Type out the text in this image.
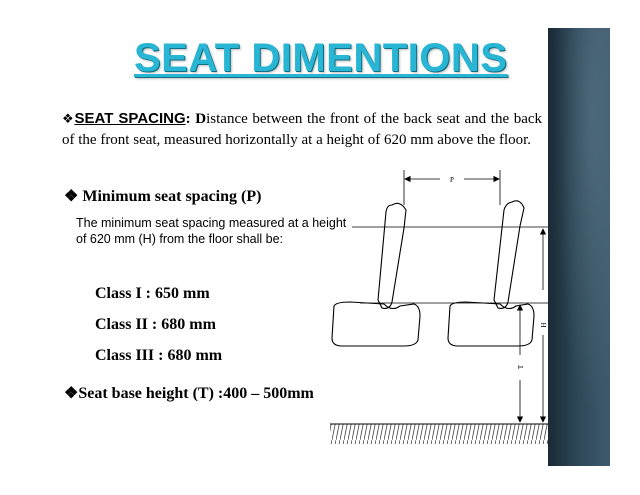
SEAT DIMENTIONS
❖SEAT SPACING: Distance between the front of the back seat and the back of the front seat, measured horizontally at a height of 620 mm above the floor.
❖ Minimum seat spacing (P)
The minimum seat spacing measured at a height of 620 mm (H) from the floor shall be:
Class I : 650 mm
Class II : 680 mm
Class III : 680 mm
❖Seat base height (T) :400 – 500mm
P
H
T
